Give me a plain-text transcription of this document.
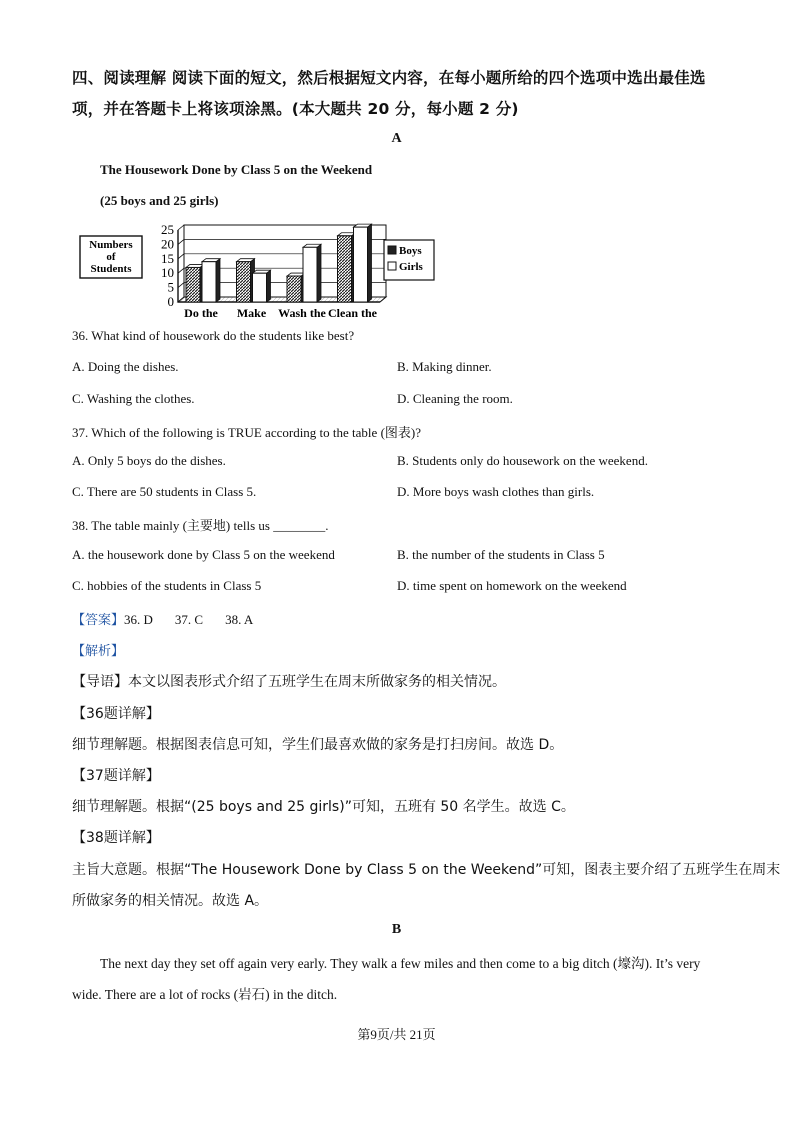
四、阅读理解 阅读下面的短文，然后根据短文内容，在每小题所给的四个选项中选出最佳选
项，并在答题卡上将该项涂黑。(本大题共 20 分，每小题 2 分)
A
The Housework Done by Class 5 on the Weekend
(25 boys and 25 girls)
Numbers
of
Students
25
20
15
10
5
0
Do the Make Wash the Clean the
Boys
Girls
36. What kind of housework do the students like best?
A. Doing the dishes.	B. Making dinner.
C. Washing the clothes.	D. Cleaning the room.
37. Which of the following is TRUE according to the table (图表)?
A. Only 5 boys do the dishes.	B. Students only do housework on the weekend.
C. There are 50 students in Class 5.	D. More boys wash clothes than girls.
38. The table mainly (主要地) tells us ________.
A. the housework done by Class 5 on the weekend	B. the number of the students in Class 5
C. hobbies of the students in Class 5	D. time spent on homework on the weekend
【答案】36. D 37. C 38. A
【解析】
【导语】本文以图表形式介绍了五班学生在周末所做家务的相关情况。
【36题详解】
细节理解题。根据图表信息可知，学生们最喜欢做的家务是打扫房间。故选 D。
【37题详解】
细节理解题。根据“(25 boys and 25 girls)”可知，五班有 50 名学生。故选 C。
【38题详解】
主旨大意题。根据“The Housework Done by Class 5 on the Weekend”可知，图表主要介绍了五班学生在周末
所做家务的相关情况。故选 A。
B
The next day they set off again very early. They walk a few miles and then come to a big ditch (壕沟). It’s very
wide. There are a lot of rocks (岩石) in the ditch.
第9页/共 21页
